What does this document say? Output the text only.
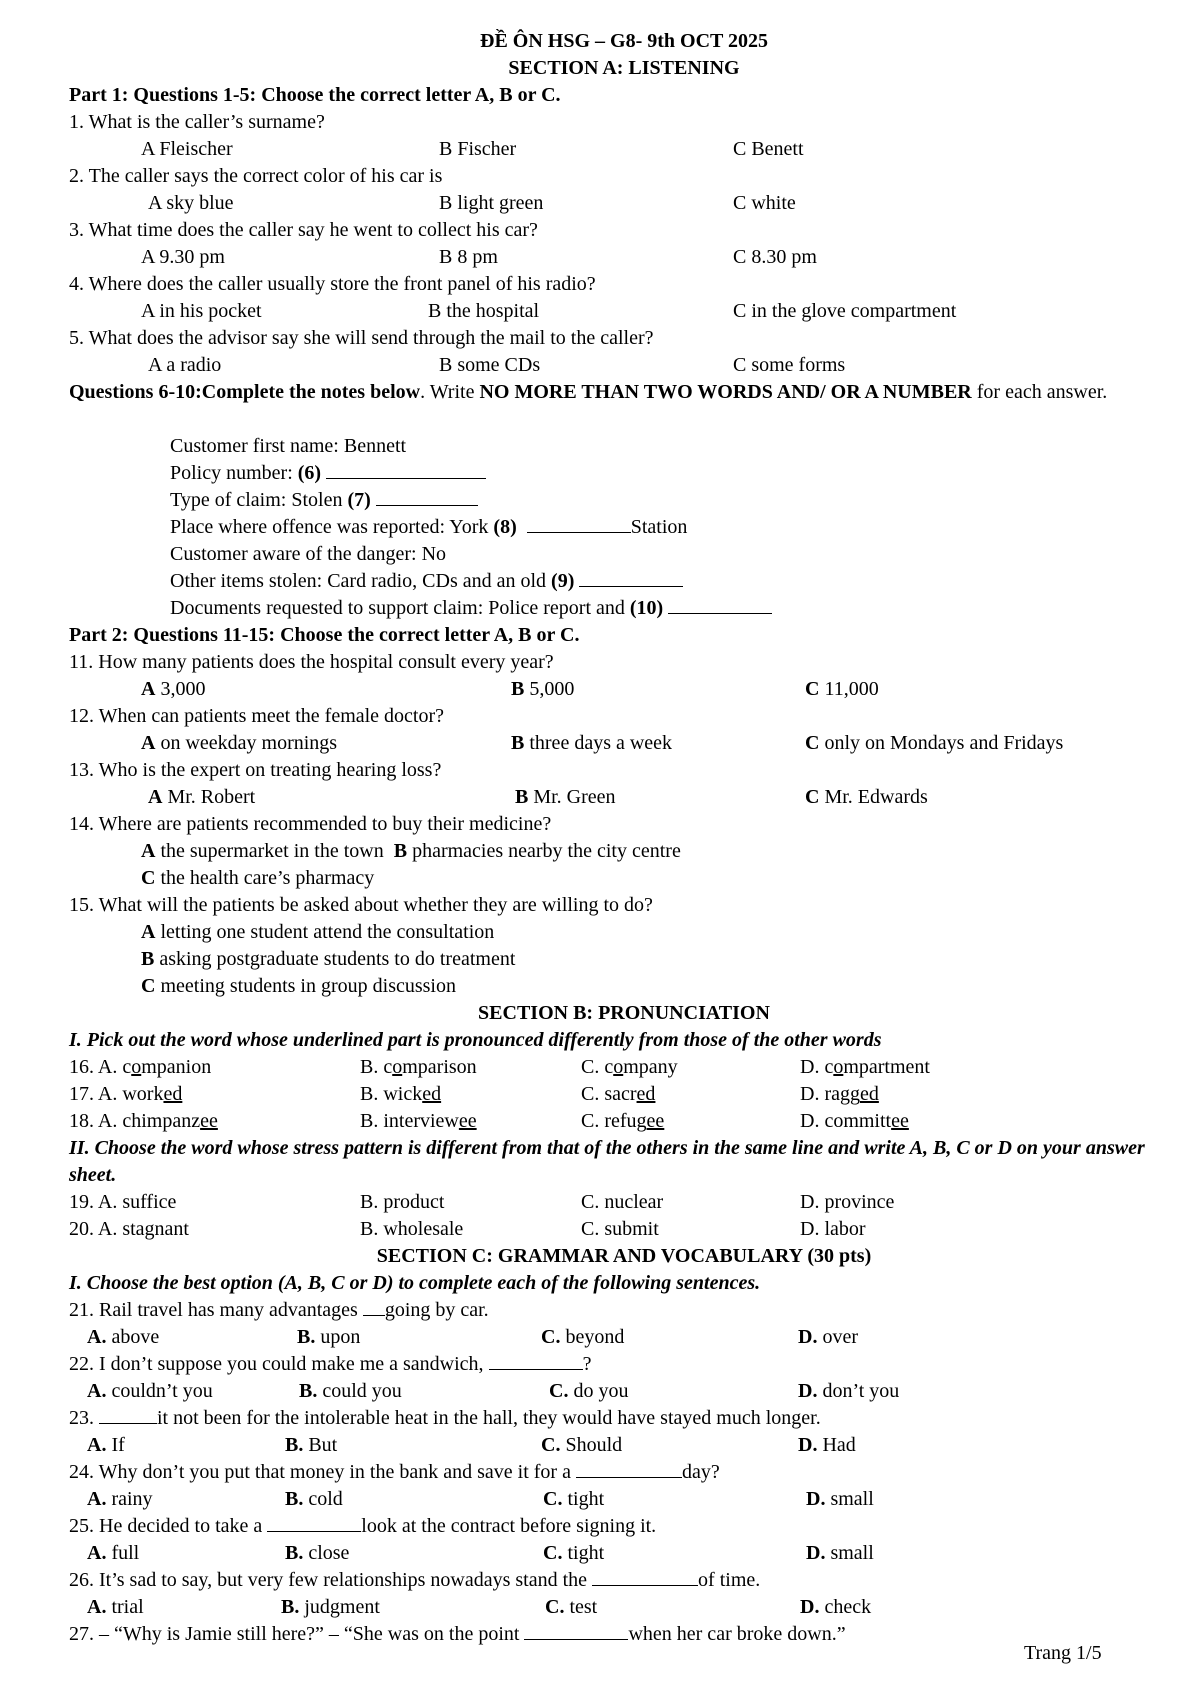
ĐỀ ÔN HSG – G8- 9th OCT 2025
SECTION A: LISTENING
Part 1: Questions 1-5: Choose the correct letter A, B or C.
1. What is the caller’s surname?
A Fleischer	B Fischer	C Benett
2. The caller says the correct color of his car is
A sky blue	B light green	C white
3. What time does the caller say he went to collect his car?
A 9.30 pm	B 8 pm	C 8.30 pm
4. Where does the caller usually store the front panel of his radio?
A in his pocket	B the hospital	C in the glove compartment
5. What does the advisor say she will send through the mail to the caller?
A a radio	B some CDs	C some forms
Questions 6-10:Complete the notes below. Write NO MORE THAN TWO WORDS AND/ OR A NUMBER for each answer.
Customer first name: Bennett
Policy number: (6)
Type of claim: Stolen (7)
Place where offence was reported: York (8)	Station
Customer aware of the danger: No
Other items stolen: Card radio, CDs and an old (9)
Documents requested to support claim: Police report and (10)
Part 2: Questions 11-15: Choose the correct letter A, B or C.
11. How many patients does the hospital consult every year?
A 3,000	B 5,000	C 11,000
12. When can patients meet the female doctor?
A on weekday mornings	B three days a week	C only on Mondays and Fridays
13. Who is the expert on treating hearing loss?
A Mr. Robert	B Mr. Green	C Mr. Edwards
14. Where are patients recommended to buy their medicine?
A the supermarket in the town B pharmacies nearby the city centre
C the health care’s pharmacy
15. What will the patients be asked about whether they are willing to do?
A letting one student attend the consultation
B asking postgraduate students to do treatment
C meeting students in group discussion
SECTION B: PRONUNCIATION
I. Pick out the word whose underlined part is pronounced differently from those of the other words
16. A. companion	B. comparison	C. company	D. compartment
17. A. worked	B. wicked	C. sacred	D. ragged
18. A. chimpanzee	B. interviewee	C. refugee	D. committee
II. Choose the word whose stress pattern is different from that of the others in the same line and write A, B, C or D on your answer sheet.
19. A. suffice	B. product	C. nuclear	D. province
20. A. stagnant	B. wholesale	C. submit	D. labor
SECTION C: GRAMMAR AND VOCABULARY (30 pts)
I. Choose the best option (A, B, C or D) to complete each of the following sentences.
21. Rail travel has many advantages going by car.
A. above	B. upon	C. beyond	D. over
22. I don’t suppose you could make me a sandwich,	?
A. couldn’t you	B. could you	C. do you	D. don’t you
23.	it not been for the intolerable heat in the hall, they would have stayed much longer.
A. If	B. But	C. Should	D. Had
24. Why don’t you put that money in the bank and save it for a	day?
A. rainy	B. cold	C. tight	D. small
25. He decided to take a	look at the contract before signing it.
A. full	B. close	C. tight	D. small
26. It’s sad to say, but very few relationships nowadays stand the	of time.
A. trial	B. judgment	C. test	D. check
27. – “Why is Jamie still here?” – “She was on the point	when her car broke down.”
Trang 1/5
